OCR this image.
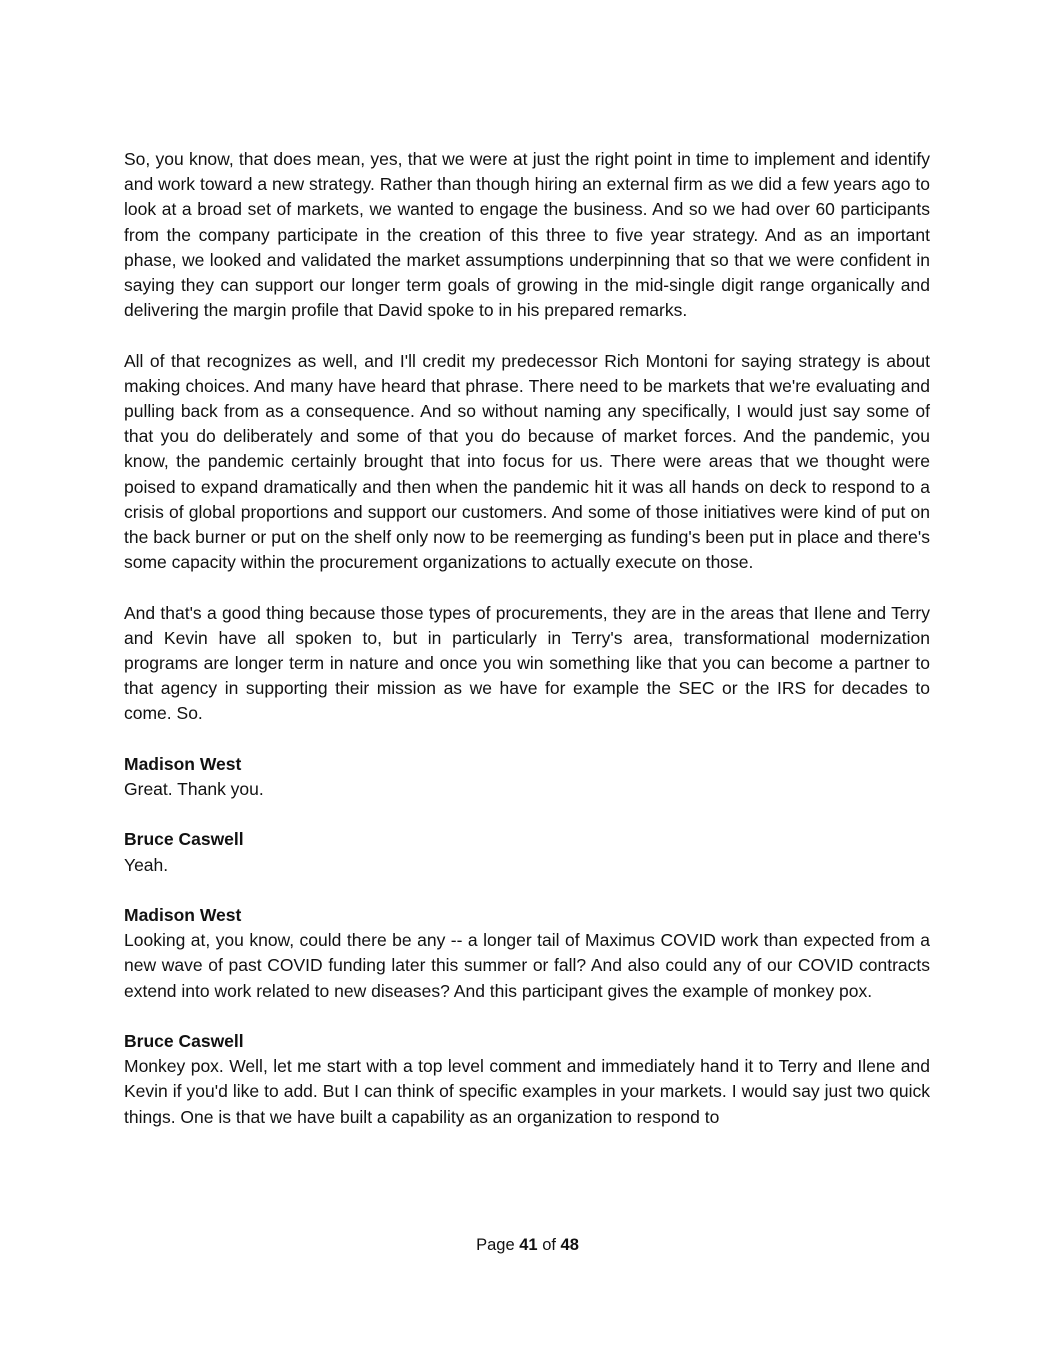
So, you know, that does mean, yes, that we were at just the right point in time to implement and identify and work toward a new strategy. Rather than though hiring an external firm as we did a few years ago to look at a broad set of markets, we wanted to engage the business. And so we had over 60 participants from the company participate in the creation of this three to five year strategy. And as an important phase, we looked and validated the market assumptions underpinning that so that we were confident in saying they can support our longer term goals of growing in the mid-single digit range organically and delivering the margin profile that David spoke to in his prepared remarks.

All of that recognizes as well, and I'll credit my predecessor Rich Montoni for saying strategy is about making choices. And many have heard that phrase. There need to be markets that we're evaluating and pulling back from as a consequence. And so without naming any specifically, I would just say some of that you do deliberately and some of that you do because of market forces. And the pandemic, you know, the pandemic certainly brought that into focus for us. There were areas that we thought were poised to expand dramatically and then when the pandemic hit it was all hands on deck to respond to a crisis of global proportions and support our customers. And some of those initiatives were kind of put on the back burner or put on the shelf only now to be reemerging as funding's been put in place and there's some capacity within the procurement organizations to actually execute on those.

And that's a good thing because those types of procurements, they are in the areas that Ilene and Terry and Kevin have all spoken to, but in particularly in Terry's area, transformational modernization programs are longer term in nature and once you win something like that you can become a partner to that agency in supporting their mission as we have for example the SEC or the IRS for decades to come. So.

Madison West

Great. Thank you.

Bruce Caswell

Yeah.

Madison West

Looking at, you know, could there be any -- a longer tail of Maximus COVID work than expected from a new wave of past COVID funding later this summer or fall? And also could any of our COVID contracts extend into work related to new diseases? And this participant gives the example of monkey pox.

Bruce Caswell

Monkey pox. Well, let me start with a top level comment and immediately hand it to Terry and Ilene and Kevin if you'd like to add. But I can think of specific examples in your markets. I would say just two quick things. One is that we have built a capability as an organization to respond to

Page 41 of 48
